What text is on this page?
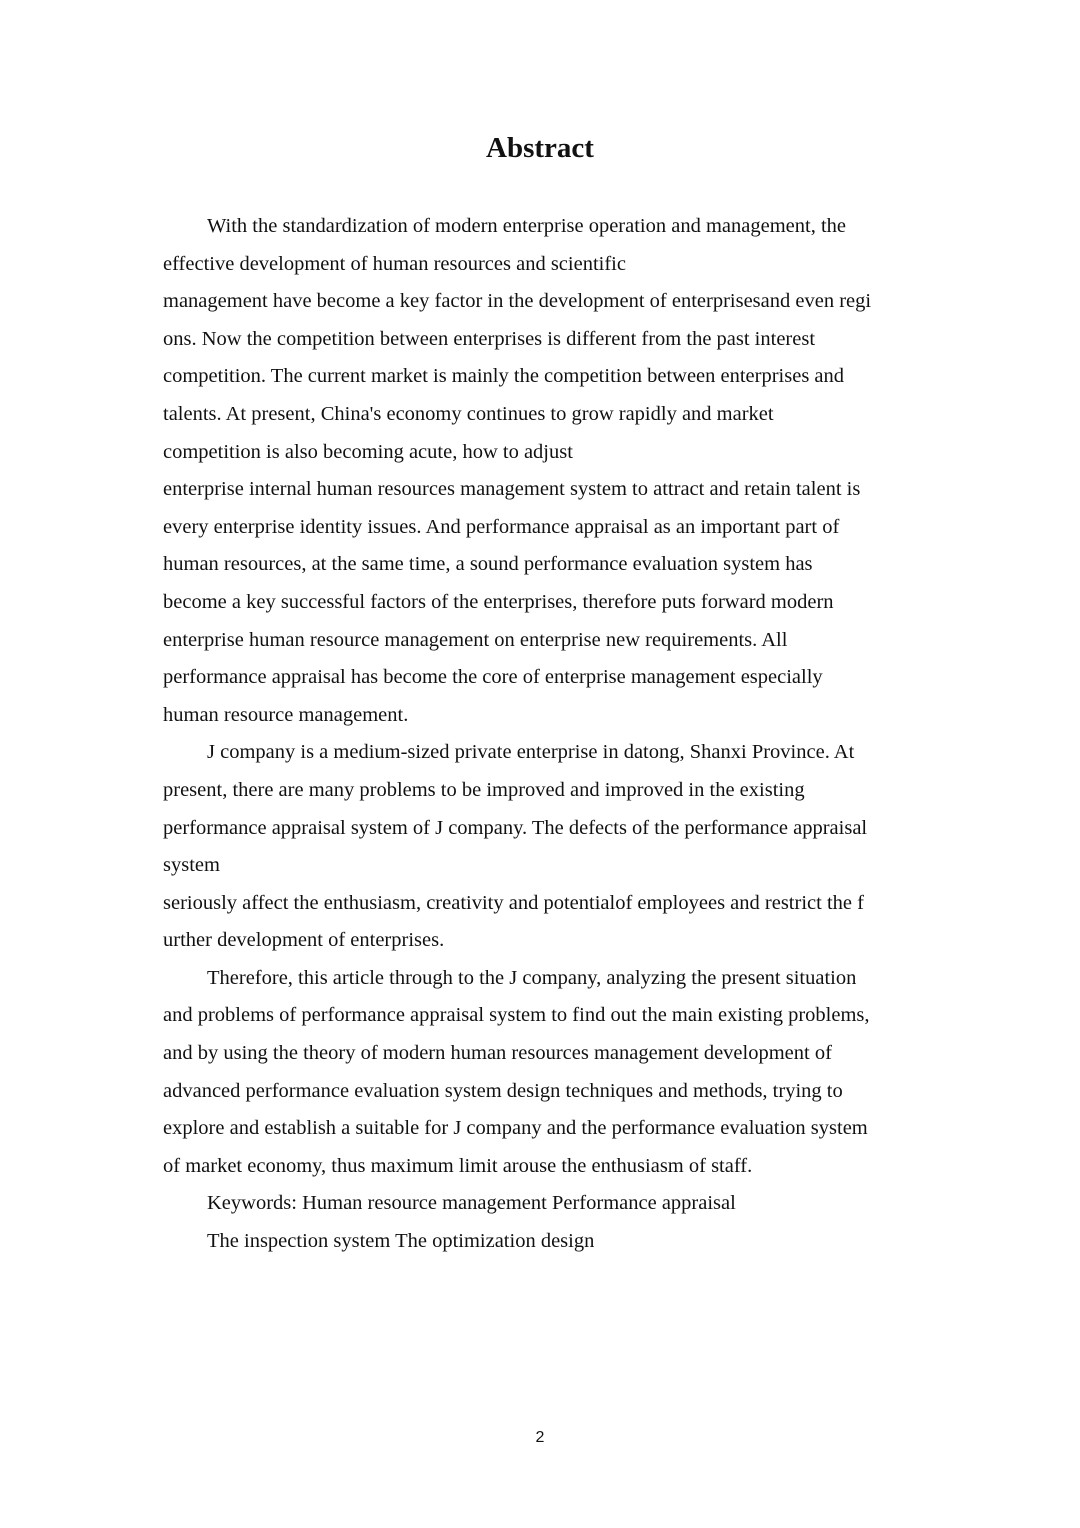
Abstract
With the standardization of modern enterprise operation and management, the
effective development of human resources and scientific
management have become a key factor in the development of enterprisesand even regi
ons. Now the competition between enterprises is different from the past interest
competition. The current market is mainly the competition between enterprises and
talents. At present, China's economy continues to grow rapidly and market
competition is also becoming acute, how to adjust
enterprise internal human resources management system to attract and retain talent is
every enterprise identity issues. And performance appraisal as an important part of
human resources, at the same time, a sound performance evaluation system has
become a key successful factors of the enterprises, therefore puts forward modern
enterprise human resource management on enterprise new requirements. All
performance appraisal has become the core of enterprise management especially
human resource management.
J company is a medium-sized private enterprise in datong, Shanxi Province. At
present, there are many problems to be improved and improved in the existing
performance appraisal system of J company. The defects of the performance appraisal
system
seriously affect the enthusiasm, creativity and potentialof employees and restrict the f
urther development of enterprises.
Therefore, this article through to the J company, analyzing the present situation
and problems of performance appraisal system to find out the main existing problems,
and by using the theory of modern human resources management development of
advanced performance evaluation system design techniques and methods, trying to
explore and establish a suitable for J company and the performance evaluation system
of market economy, thus maximum limit arouse the enthusiasm of staff.
Keywords: Human resource management Performance appraisal
The inspection system The optimization design
2
